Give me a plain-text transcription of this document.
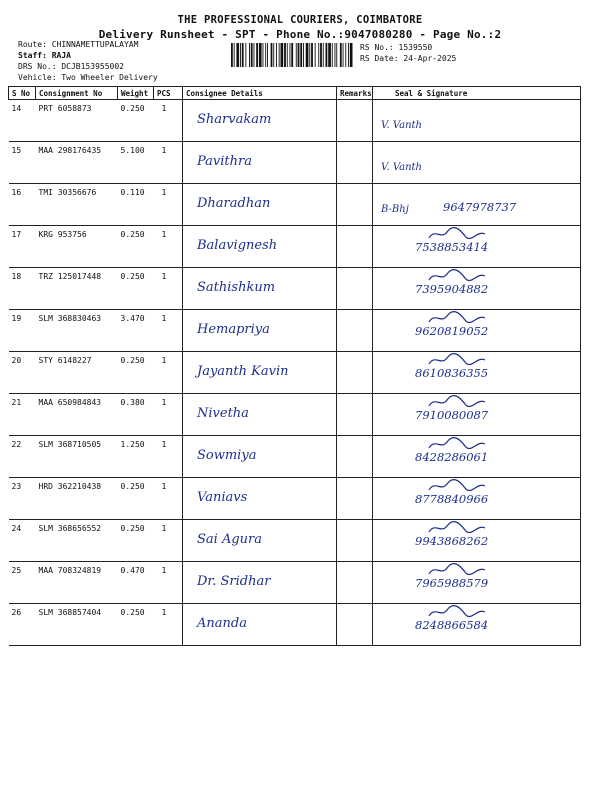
THE PROFESSIONAL COURIERS, COIMBATORE
Delivery Runsheet - SPT - Phone No.:9047080280 - Page No.:2
Route: CHINNAMETTUPALAYAM
Staff: RAJA
DRS No.: DCJB153955002
Vehicle: Two Wheeler Delivery
RS No.: 1539550
RS Date: 24-Apr-2025
S No	Consignment No	Weight	PCS	Consignee Details	Remarks	Seal & Signature
14	PRT 6058873	0.250	1	Sharvakam		V. Vanth

15	MAA 298176435	5.100	1	Pavithra		V. Vanth

16	TMI 30356676	0.110	1	Dharadhan		B-Bhj 9647978737

17	KRG 953756	0.250	1	Balavignesh		7538853414

18	TRZ 125017448	0.250	1	Sathishkum		7395904882

19	SLM 368830463	3.470	1	Hemapriya		9620819052

20	STY 6148227	0.250	1	Jayanth Kavin		8610836355

21	MAA 650984843	0.380	1	Nivetha		7910080087

22	SLM 368710505	1.250	1	Sowmiya		8428286061

23	HRD 362210438	0.250	1	Vaniavs		8778840966

24	SLM 368656552	0.250	1	Sai Agura		9943868262

25	MAA 708324819	0.470	1	Dr. Sridhar		7965988579

26	SLM 368857404	0.250	1	Ananda		8248866584
